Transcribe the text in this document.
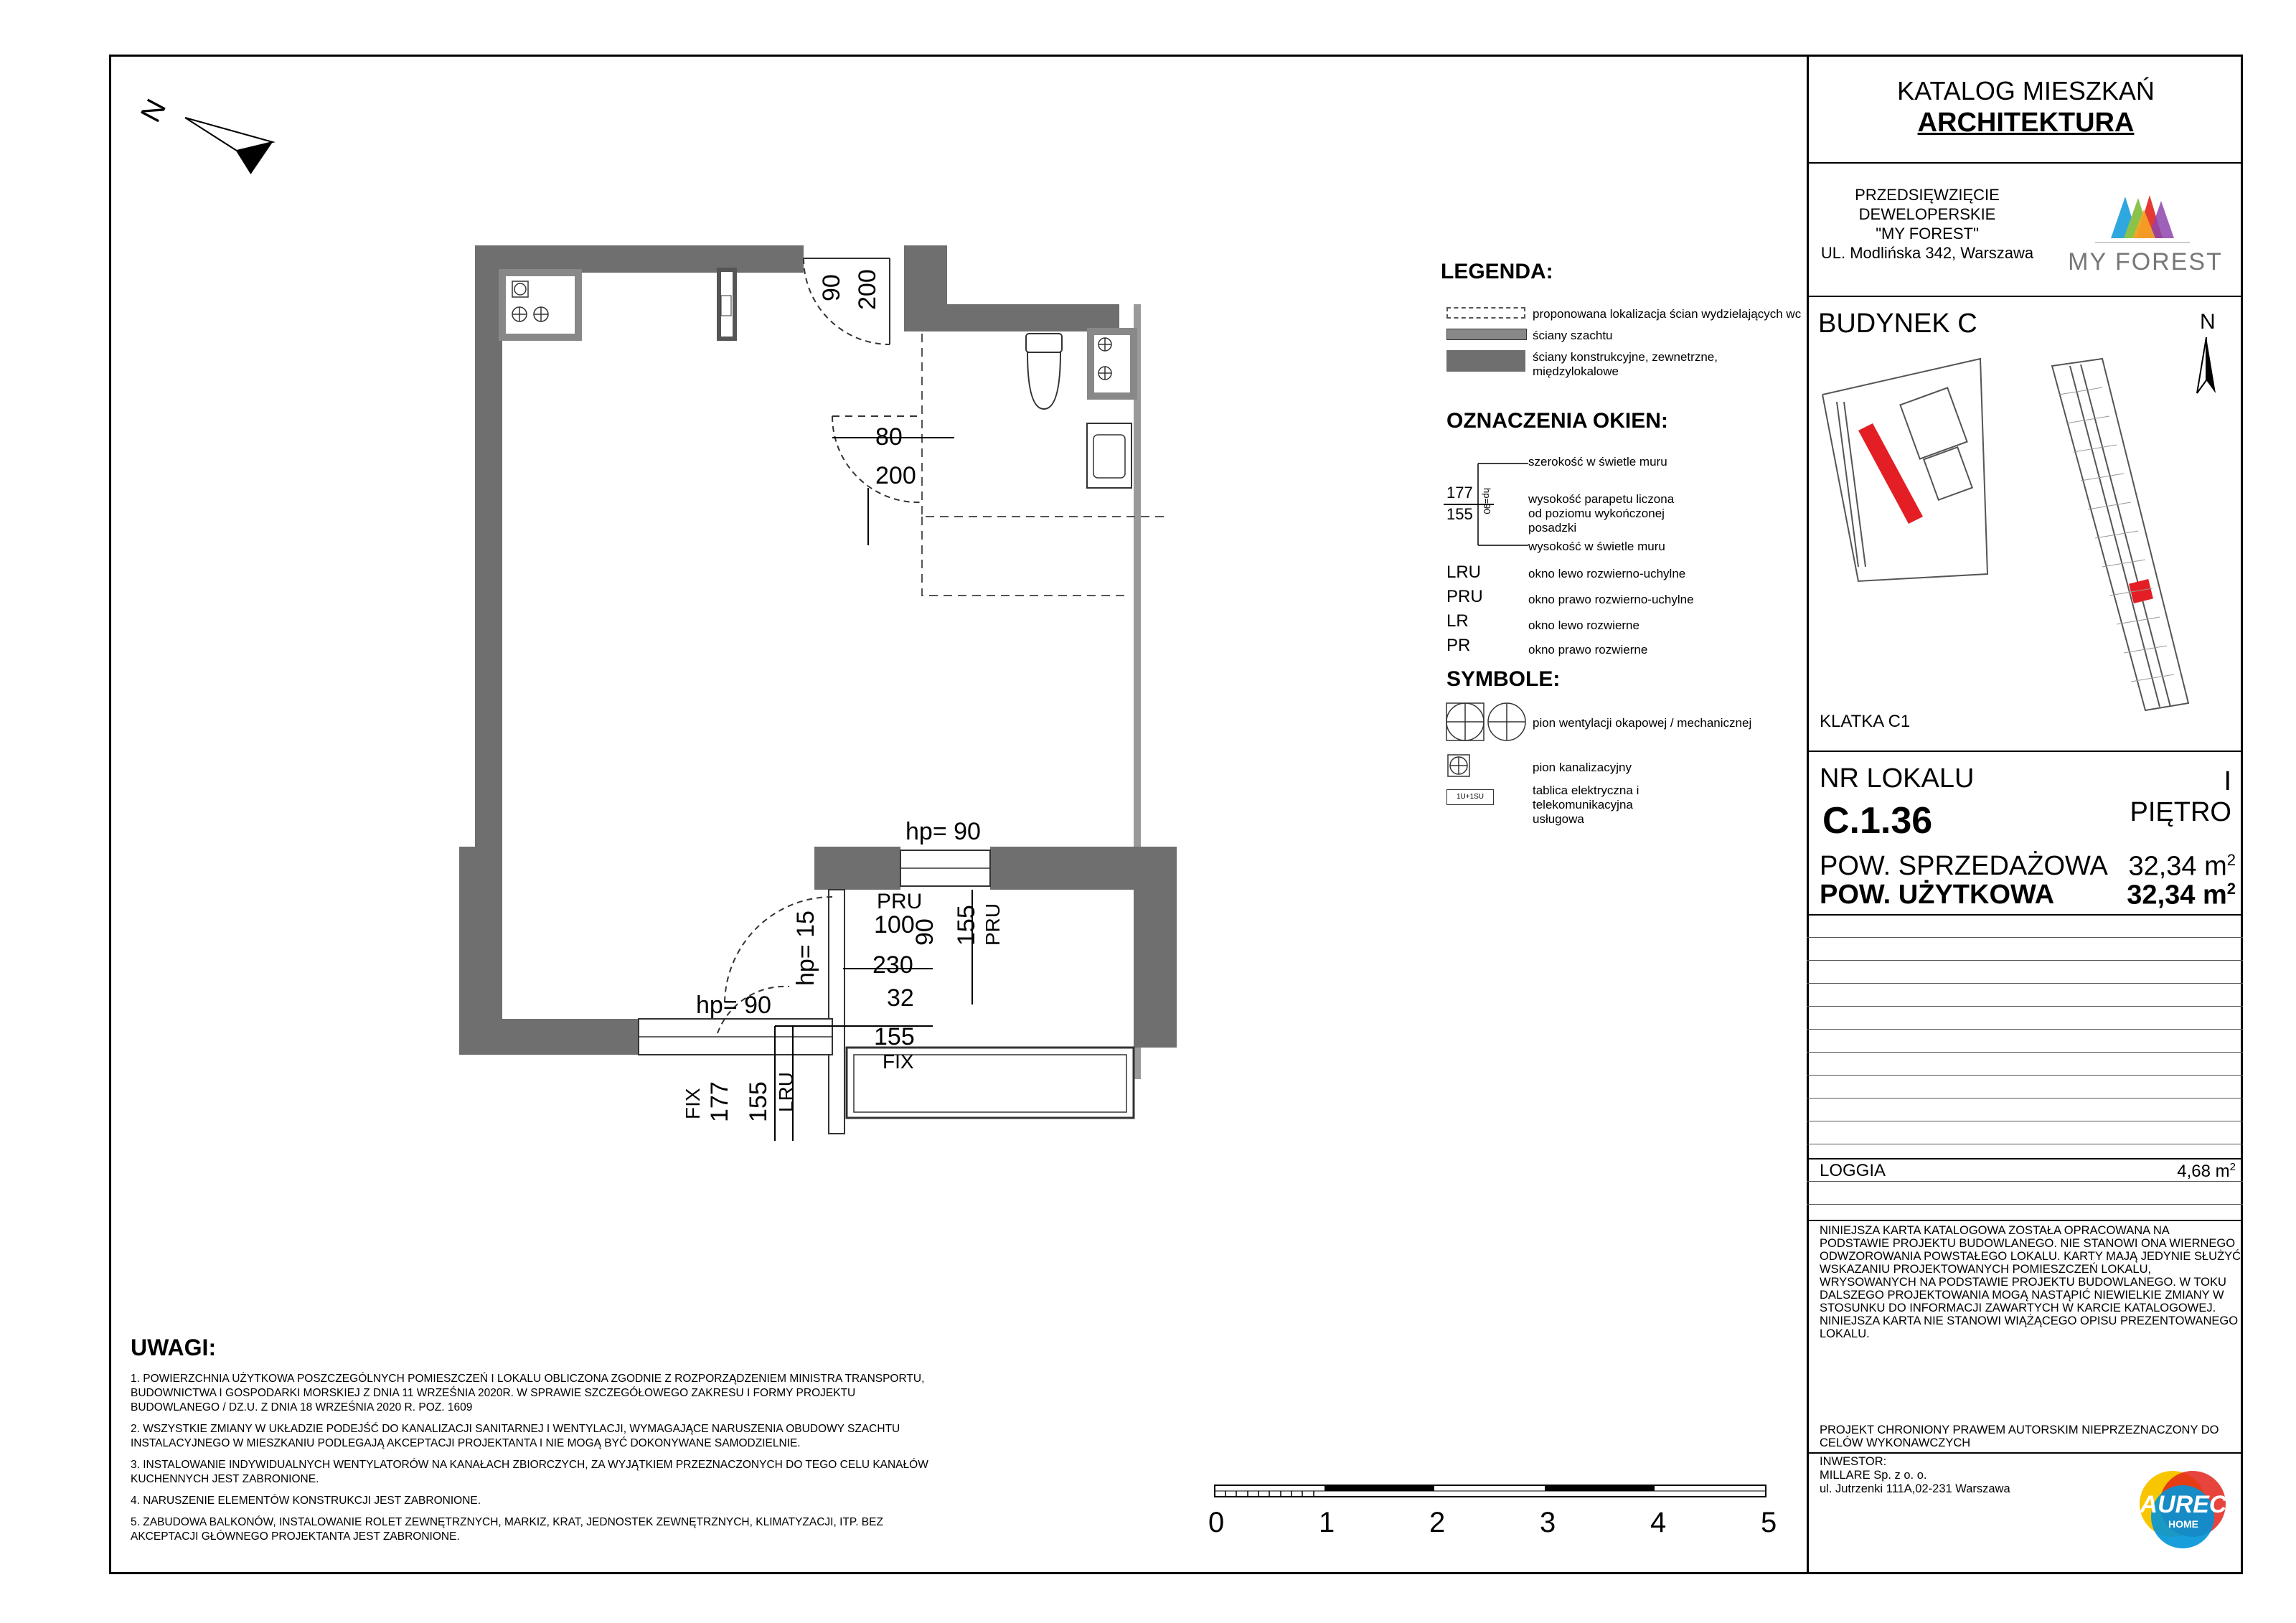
KATALOG MIESZKAŃ
ARCHITEKTURA
PRZEDSIĘWZIĘCIE
DEWELOPERSKIE
"MY FOREST"
UL. Modlińska 342, Warszawa	MY FOREST
BUDYNEK C	N
KLATKA C1
NR LOKALU	I PIĘTRO
C.1.36
POW. SPRZEDAŻOWA 32,34 $m^2$
POW. UŻYTKOWA	32,34 $m^2$
LOGGIA	4,68 $m^2$
NINIEJSZA KARTA KATALOGOWA ZOSTAŁA OPRACOWANA NA PODSTAWIE PROJEKTU BUDOWLANEGO. NIE STANOWI ONA WIERNEGO ODWZOROWANIA POWSTAŁEGO LOKALU. KARTY MAJĄ JEDYNIE SŁUŻYĆ WSKAZANIU PROJEKTOWANYCH POMIESZCZEŃ LOKALU, WRYSOWANYCH NA PODSTAWIE PROJEKTU BUDOWLANEGO. W TOKU DALSZEGO PROJEKTOWANIA MOGĄ NASTĄPIĆ NIEWIELKIE ZMIANY W STOSUNKU DO INFORMACJI ZAWARTYCH W KARCIE KATALOGOWEJ. NINIEJSZA KARTA NIE STANOWI WIĄŻĄCEGO OPISU PREZENTOWANEGO LOKALU.
PROJEKT CHRONIONY PRAWEM AUTORSKIM NIEPRZEZNACZONY DO CELÓW WYKONAWCZYCH
INWESTOR:
MILLARE Sp. z o. o.
ul. Jutrzenki 111A,02-231 Warszawa
AUREC
HOME
LEGENDA:
proponowana lokalizacja ścian wydzielających wc
ściany szachtu
ściany konstrukcyjne, zewnetrzne, międzylokalowe
OZNACZENIA OKIEN:
177
155 hp=90
szerokość w świetle muru
wysokość parapetu liczona od poziomu wykończonej posadzki
wysokość w świetle muru
LRU	okno lewo rozwierno-uchylne
PRU	okno prawo rozwierno-uchylne
LR	okno lewo rozwierne
PR	okno prawo rozwierne
SYMBOLE:
pion wentylacji okapowej / mechanicznej
pion kanalizacyjny
1U+1SU	tablica elektryczna i telekomunikacyjna usługowa
N
90 200
80
200
hp= 90
155 PRU
PRU
100
90
230
hp= 15
hp= 90	32
155
FIX
FIX 177 155 LRU
UWAGI:
1. POWIERZCHNIA UŻYTKOWA POSZCZEGÓLNYCH POMIESZCZEŃ I LOKALU OBLICZONA ZGODNIE Z ROZPORZĄDZENIEM MINISTRA TRANSPORTU, BUDOWNICTWA I GOSPODARKI MORSKIEJ Z DNIA 11 WRZEŚNIA 2020R. W SPRAWIE SZCZEGÓŁOWEGO ZAKRESU I FORMY PROJEKTU BUDOWLANEGO / DZ.U. Z DNIA 18 WRZEŚNIA 2020 R. POZ. 1609
2. WSZYSTKIE ZMIANY W UKŁADZIE PODEJŚĆ DO KANALIZACJI SANITARNEJ I WENTYLACJI, WYMAGAJĄCE NARUSZENIA OBUDOWY SZACHTU INSTALACYJNEGO W MIESZKANIU PODLEGAJĄ AKCEPTACJI PROJEKTANTA I NIE MOGĄ BYĆ DOKONYWANE SAMODZIELNIE.
3. INSTALOWANIE INDYWIDUALNYCH WENTYLATORÓW NA KANAŁACH ZBIORCZYCH, ZA WYJĄTKIEM PRZEZNACZONYCH DO TEGO CELU KANAŁÓW KUCHENNYCH JEST ZABRONIONE.
4. NARUSZENIE ELEMENTÓW KONSTRUKCJI JEST ZABRONIONE.
5. ZABUDOWA BALKONÓW, INSTALOWANIE ROLET ZEWNĘTRZNYCH, MARKIZ, KRAT, JEDNOSTEK ZEWNĘTRZNYCH, KLIMATYZACJI, ITP. BEZ AKCEPTACJI GŁÓWNEGO PROJEKTANTA JEST ZABRONIONE.	0	1	2	3	4	5
